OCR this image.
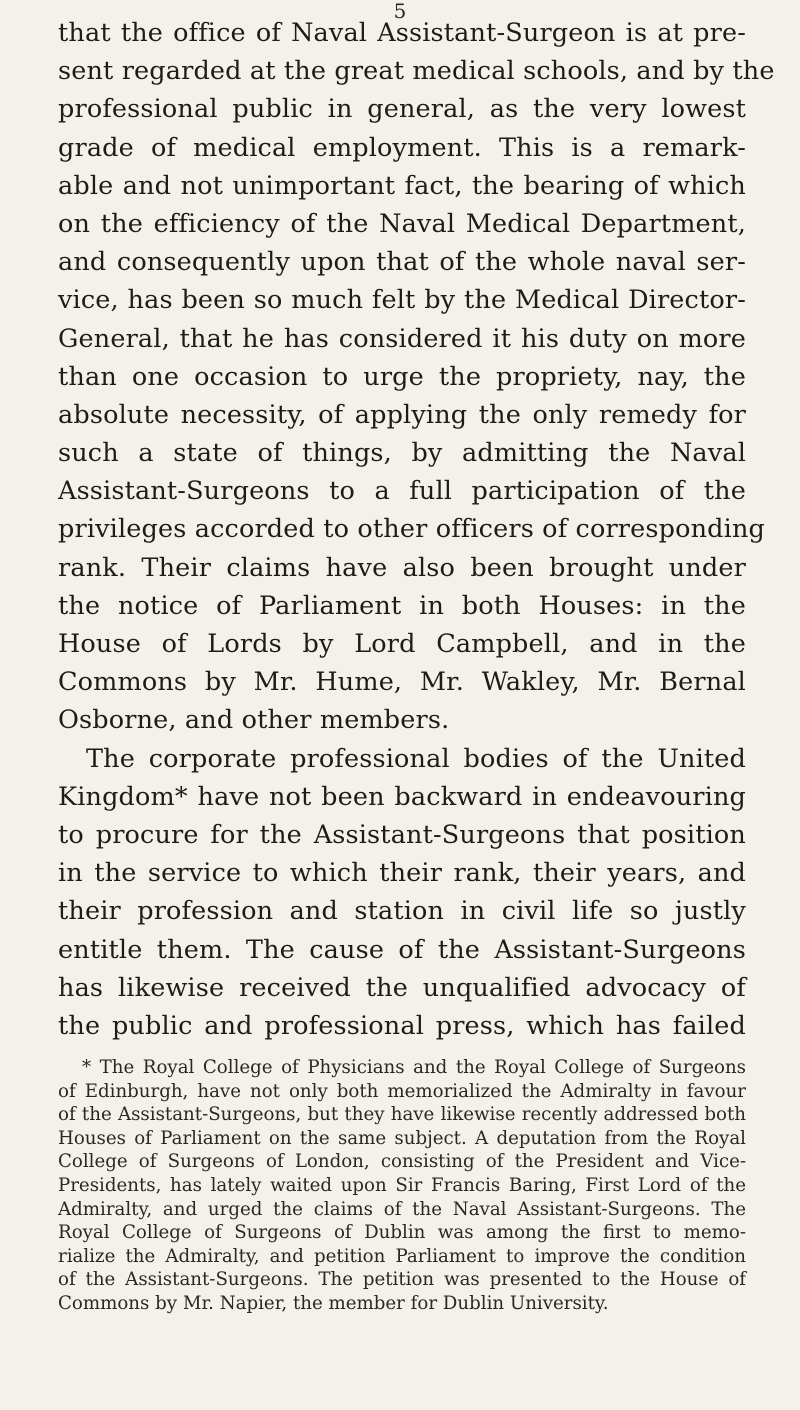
5
that the office of Naval Assistant-Surgeon is at pre-
sent regarded at the great medical schools, and by the
professional public in general, as the very lowest
grade of medical employment. This is a remark-
able and not unimportant fact, the bearing of which
on the efficiency of the Naval Medical Department,
and consequently upon that of the whole naval ser-
vice, has been so much felt by the Medical Director-
General, that he has considered it his duty on more
than one occasion to urge the propriety, nay, the
absolute necessity, of applying the only remedy for
such a state of things, by admitting the Naval
Assistant-Surgeons to a full participation of the
privileges accorded to other officers of corresponding
rank. Their claims have also been brought under
the notice of Parliament in both Houses: in the
House of Lords by Lord Campbell, and in the
Commons by Mr. Hume, Mr. Wakley, Mr. Bernal
Osborne, and other members.
The corporate professional bodies of the United
Kingdom* have not been backward in endeavouring
to procure for the Assistant-Surgeons that position
in the service to which their rank, their years, and
their profession and station in civil life so justly
entitle them. The cause of the Assistant-Surgeons
has likewise received the unqualified advocacy of
the public and professional press, which has failed
* The Royal College of Physicians and the Royal College of Surgeons
of Edinburgh, have not only both memorialized the Admiralty in favour
of the Assistant-Surgeons, but they have likewise recently addressed both
Houses of Parliament on the same subject. A deputation from the Royal
College of Surgeons of London, consisting of the President and Vice-
Presidents, has lately waited upon Sir Francis Baring, First Lord of the
Admiralty, and urged the claims of the Naval Assistant-Surgeons. The
Royal College of Surgeons of Dublin was among the first to memo-
rialize the Admiralty, and petition Parliament to improve the condition
of the Assistant-Surgeons. The petition was presented to the House of
Commons by Mr. Napier, the member for Dublin University.
